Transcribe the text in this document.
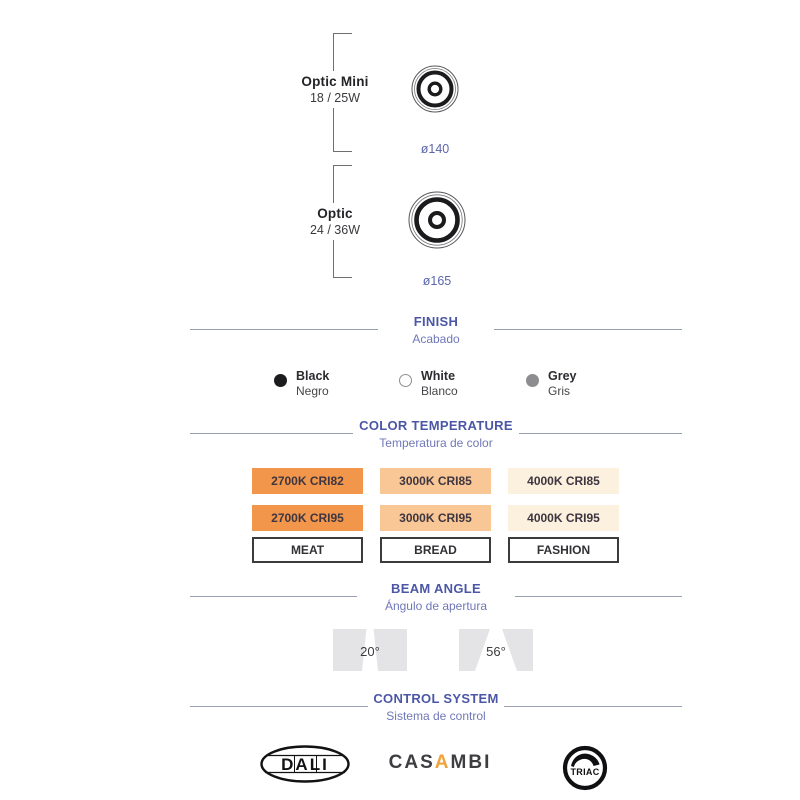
Optic Mini
18 / 25W
ø140
Optic
24 / 36W
ø165
FINISH
Acabado
Black
Negro
White
Blanco
Grey
Gris
COLOR TEMPERATURE
Temperatura de color
2700K CRI82	3000K CRI85	4000K CRI85
2700K CRI95	3000K CRI95	4000K CRI95
MEAT	BREAD	FASHION
BEAM ANGLE
Ángulo de apertura
20°	56°
CONTROL SYSTEM
Sistema de control
DALI	CAS A MBI	TRIAC
